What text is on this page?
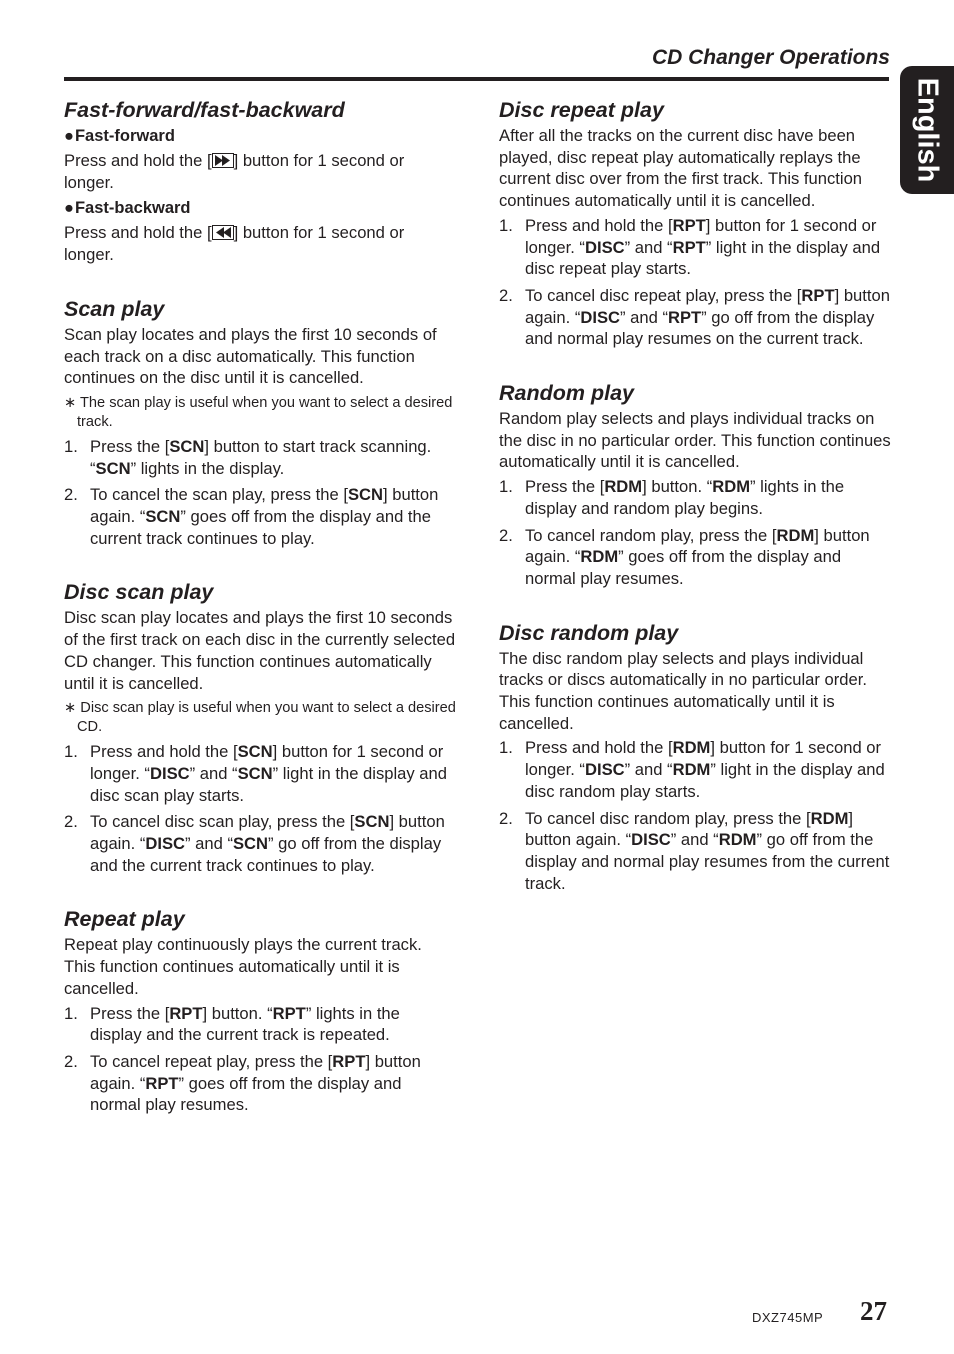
CD Changer Operations
English
Fast-forward/fast-backward
●Fast-forward

Press and hold the [ ] button for 1 second or longer.

●Fast-backward

Press and hold the [ ] button for 1 second or longer.

Scan play

Scan play locates and plays the first 10 seconds of each track on a disc automatically. This function continues on the disc until it is cancelled.

∗ The scan play is useful when you want to select a desired track.
1. Press the [SCN] button to start track scanning. “SCN” lights in the display.
2. To cancel the scan play, press the [SCN] button again. “SCN” goes off from the display and the current track continues to play.
Disc scan play

Disc scan play locates and plays the first 10 seconds of the first track on each disc in the currently selected CD changer. This function continues automatically until it is cancelled.

∗ Disc scan play is useful when you want to select a desired CD.
1. Press and hold the [SCN] button for 1 second or longer. “DISC” and “SCN” light in the display and disc scan play starts.
2. To cancel disc scan play, press the [SCN] button again. “DISC” and “SCN” go off from the display and the current track continues to play.
Repeat play

Repeat play continuously plays the current track. This function continues automatically until it is cancelled.

1. Press the [RPT] button. “RPT” lights in the display and the current track is repeated.
2. To cancel repeat play, press the [RPT] button again. “RPT” goes off from the display and normal play resumes.
Disc repeat play

After all the tracks on the current disc have been played, disc repeat play automatically replays the current disc over from the first track. This function continues automatically until it is cancelled.

1. Press and hold the [RPT] button for 1 second or longer. “DISC” and “RPT” light in the display and disc repeat play starts.
2. To cancel disc repeat play, press the [RPT] button again. “DISC” and “RPT” go off from the display and normal play resumes on the current track.
Random play

Random play selects and plays individual tracks on the disc in no particular order. This function continues automatically until it is cancelled.

1. Press the [RDM] button. “RDM” lights in the display and random play begins.
2. To cancel random play, press the [RDM] button again. “RDM” goes off from the display and normal play resumes.
Disc random play

The disc random play selects and plays individual tracks or discs automatically in no particular order. This function continues automatically until it is cancelled.

1. Press and hold the [RDM] button for 1 second or longer. “DISC” and “RDM” light in the display and disc random play starts.
2. To cancel disc random play, press the [RDM] button again. “DISC” and “RDM” go off from the display and normal play resumes from the current track.
DXZ745MP 27
